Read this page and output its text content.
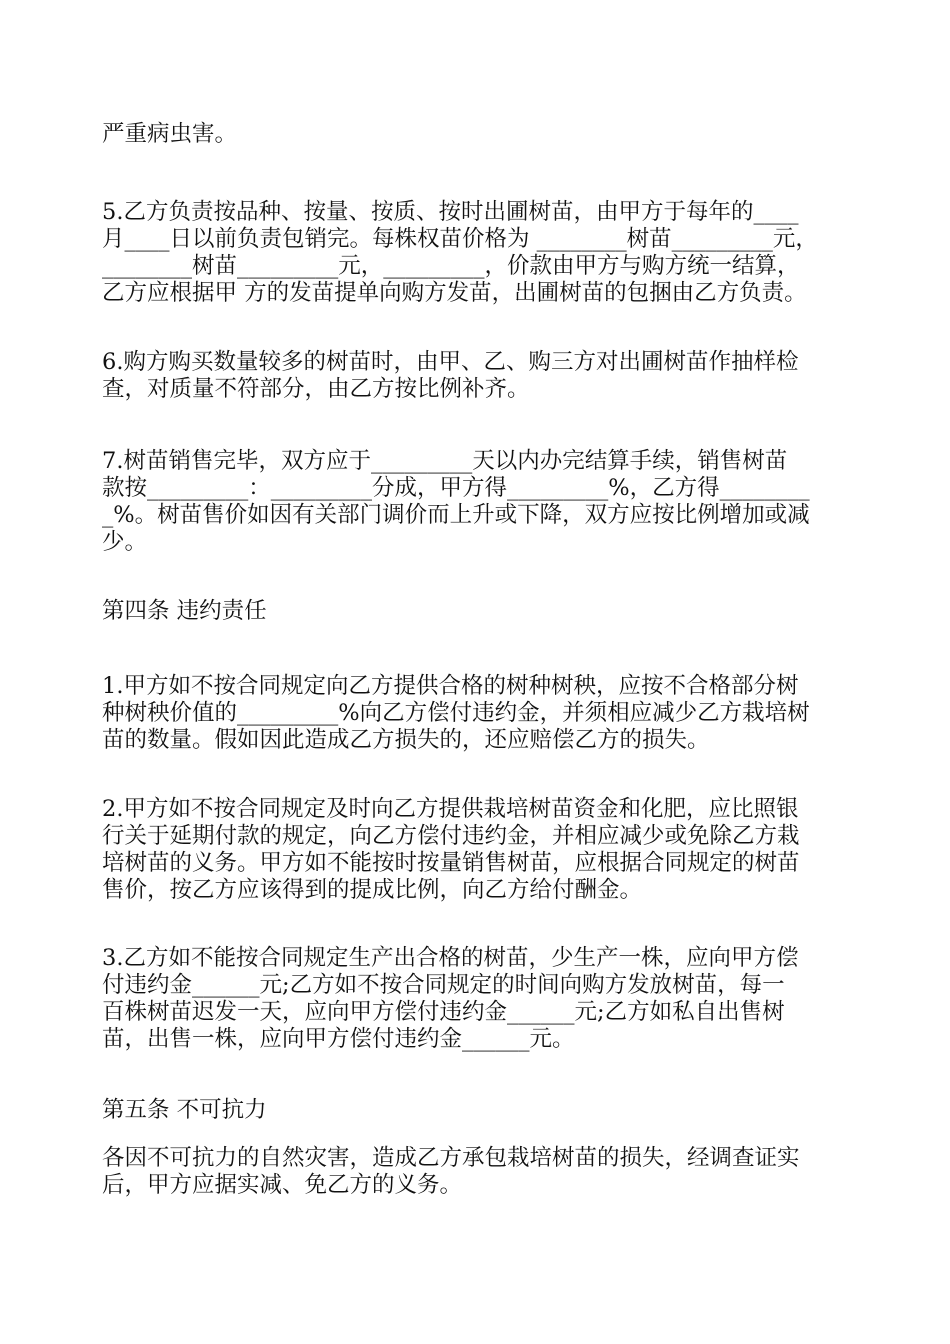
严重病虫害。
5.乙方负责按品种、按量、按质、按时出圃树苗，由甲方于每年的____
月____日以前负责包销完。每株权苗价格为 ________树苗_________元，
________树苗_________元，_________，价款由甲方与购方统一结算，
乙方应根据甲 方的发苗提单向购方发苗，出圃树苗的包捆由乙方负责。
6.购方购买数量较多的树苗时，由甲、乙、购三方对出圃树苗作抽样检
查，对质量不符部分，由乙方按比例补齐。
7.树苗销售完毕，双方应于_________天以内办完结算手续，销售树苗
款按_________：_________分成，甲方得_________%，乙方得________
_%。树苗售价如因有关部门调价而上升或下降，双方应按比例增加或减
少。
第四条 违约责任
1.甲方如不按合同规定向乙方提供合格的树种树秧，应按不合格部分树
种树秧价值的_________%向乙方偿付违约金，并须相应减少乙方栽培树
苗的数量。假如因此造成乙方损失的，还应赔偿乙方的损失。
2.甲方如不按合同规定及时向乙方提供栽培树苗资金和化肥，应比照银
行关于延期付款的规定，向乙方偿付违约金，并相应减少或免除乙方栽
培树苗的义务。甲方如不能按时按量销售树苗，应根据合同规定的树苗
售价，按乙方应该得到的提成比例，向乙方给付酬金。
3.乙方如不能按合同规定生产出合格的树苗，少生产一株，应向甲方偿
付违约金______元;乙方如不按合同规定的时间向购方发放树苗，每一
百株树苗迟发一天，应向甲方偿付违约金______元;乙方如私自出售树
苗，出售一株，应向甲方偿付违约金______元。
第五条 不可抗力
各因不可抗力的自然灾害，造成乙方承包栽培树苗的损失，经调查证实
后，甲方应据实减、免乙方的义务。
